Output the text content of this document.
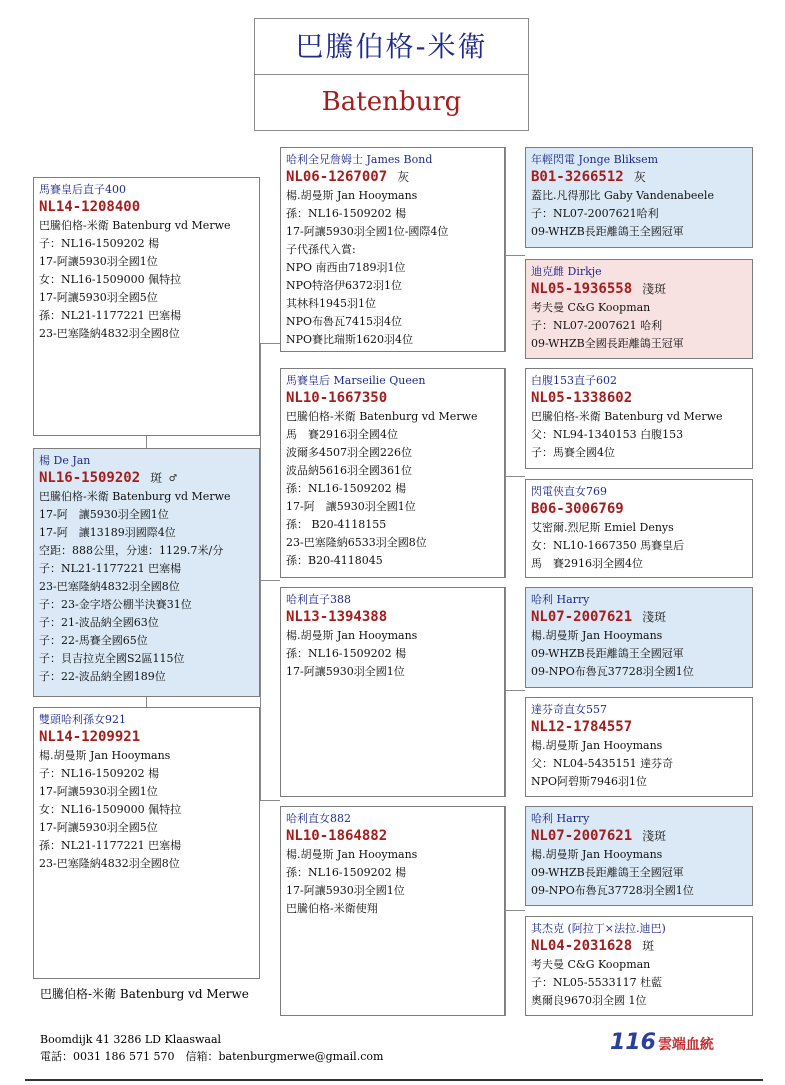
巴騰伯格-米衛
Batenburg
馬賽皇后直子400
NL14-1208400
巴騰伯格-米衛 Batenburg vd Merwe
子：NL16-1509202 楊
17-阿讓5930羽全國1位
女：NL16-1509000 佩特拉
17-阿讓5930羽全國5位
孫：NL21-1177221 巴塞楊
23-巴塞隆納4832羽全國8位
楊 De Jan
NL16-1509202 斑 ♂
巴騰伯格-米衛 Batenburg vd Merwe
17-阿　讓5930羽全國1位
17-阿　讓13189羽國際4位
空距：888公里，分速：1129.7米/分
子：NL21-1177221 巴塞楊
23-巴塞隆納4832羽全國8位
子：23-金字塔公棚半決賽31位
子：21-波品納全國63位
子：22-馬賽全國65位
子：貝吉拉克全國S2區115位
子：22-波品納全國189位
雙頭哈利孫女921
NL14-1209921
楊.胡曼斯 Jan Hooymans
子：NL16-1509202 楊
17-阿讓5930羽全國1位
女：NL16-1509000 佩特拉
17-阿讓5930羽全國5位
孫：NL21-1177221 巴塞楊
23-巴塞隆納4832羽全國8位
哈利全兄詹姆士 James Bond
NL06-1267007 灰
楊.胡曼斯 Jan Hooymans
孫：NL16-1509202 楊
17-阿讓5930羽全國1位-國際4位
子代孫代入賞:
NPO 南西由7189羽1位
NPO特洛伊6372羽1位
其林科1945羽1位
NPO布魯瓦7415羽4位
NPO賽比瑞斯1620羽4位
馬賽皇后 Marseilie Queen
NL10-1667350
巴騰伯格-米衛 Batenburg vd Merwe
馬　賽2916羽全國4位
波爾多4507羽全國226位
波品納5616羽全國361位
孫：NL16-1509202 楊
17-阿　讓5930羽全國1位
孫： B20-4118155
23-巴塞隆納6533羽全國8位
孫：B20-4118045
哈利直子388
NL13-1394388
楊.胡曼斯 Jan Hooymans
孫：NL16-1509202 楊
17-阿讓5930羽全國1位
哈利直女882
NL10-1864882
楊.胡曼斯 Jan Hooymans
孫：NL16-1509202 楊
17-阿讓5930羽全國1位
巴騰伯格-米衛使翔
年輕閃電 Jonge Bliksem
B01-3266512 灰
蓋比.凡得那比 Gaby Vandenabeele
子：NL07-2007621哈利
09-WHZB長距離鴿王全國冠軍
迪克雌 Dirkje
NL05-1936558 淺斑
考夫曼 C&G Koopman
子：NL07-2007621 哈利
09-WHZB全國長距離鴿王冠軍
白腹153直子602
NL05-1338602
巴騰伯格-米衛 Batenburg vd Merwe
父：NL94-1340153 白腹153
子：馬賽全國4位
閃電俠直女769
B06-3006769
艾密爾.烈尼斯 Emiel Denys
女：NL10-1667350 馬賽皇后
馬　賽2916羽全國4位
哈利 Harry
NL07-2007621 淺斑
楊.胡曼斯 Jan Hooymans
09-WHZB長距離鴿王全國冠軍
09-NPO布魯瓦37728羽全國1位
達芬奇直女557
NL12-1784557
楊.胡曼斯 Jan Hooymans
父：NL04-5435151 達芬奇
NPO阿碧斯7946羽1位
哈利 Harry
NL07-2007621 淺斑
楊.胡曼斯 Jan Hooymans
09-WHZB長距離鴿王全國冠軍
09-NPO布魯瓦37728羽全國1位
其杰克 (阿拉丁×法拉.迪巴)
NL04-2031628 斑
考夫曼 C&G Koopman
子：NL05-5533117 杜藍
奧爾良9670羽全國 1位
巴騰伯格-米衛 Batenburg vd Merwe
Boomdijk 41 3286 LD Klaaswaal
電話：0031 186 571 570　信箱：batenburgmerwe@gmail.com
116 雲端血統
